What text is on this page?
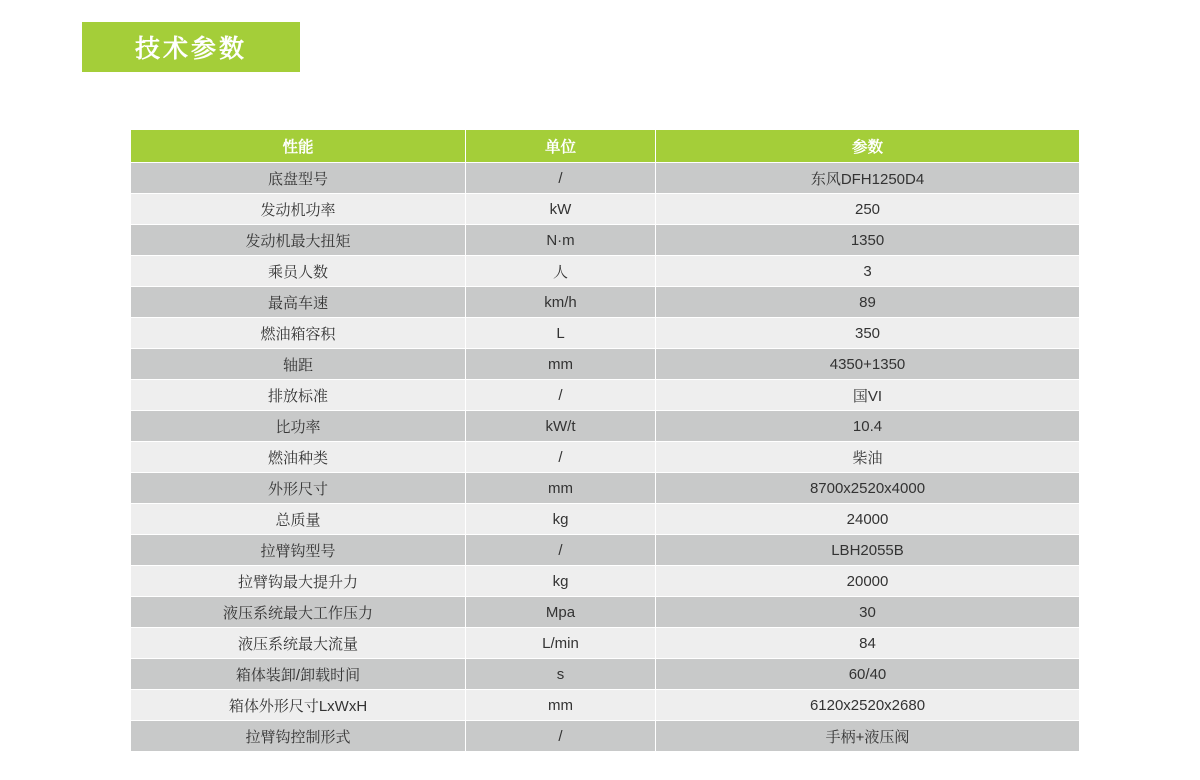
技术参数
性能	单位	参数
底盘型号	/	东风DFH1250D4
发动机功率	kW	250
发动机最大扭矩	N·m	1350
乘员人数	人	3
最高车速	km/h	89
燃油箱容积	L	350
轴距	mm	4350+1350
排放标准	/	国VI
比功率	kW/t	10.4
燃油种类	/	柴油
外形尺寸	mm	8700x2520x4000
总质量	kg	24000
拉臂钩型号	/	LBH2055B
拉臂钩最大提升力	kg	20000
液压系统最大工作压力	Mpa	30
液压系统最大流量	L/min	84
箱体装卸/卸载时间	s	60/40
箱体外形尺寸LxWxH	mm	6120x2520x2680
拉臂钩控制形式	/	手柄+液压阀
